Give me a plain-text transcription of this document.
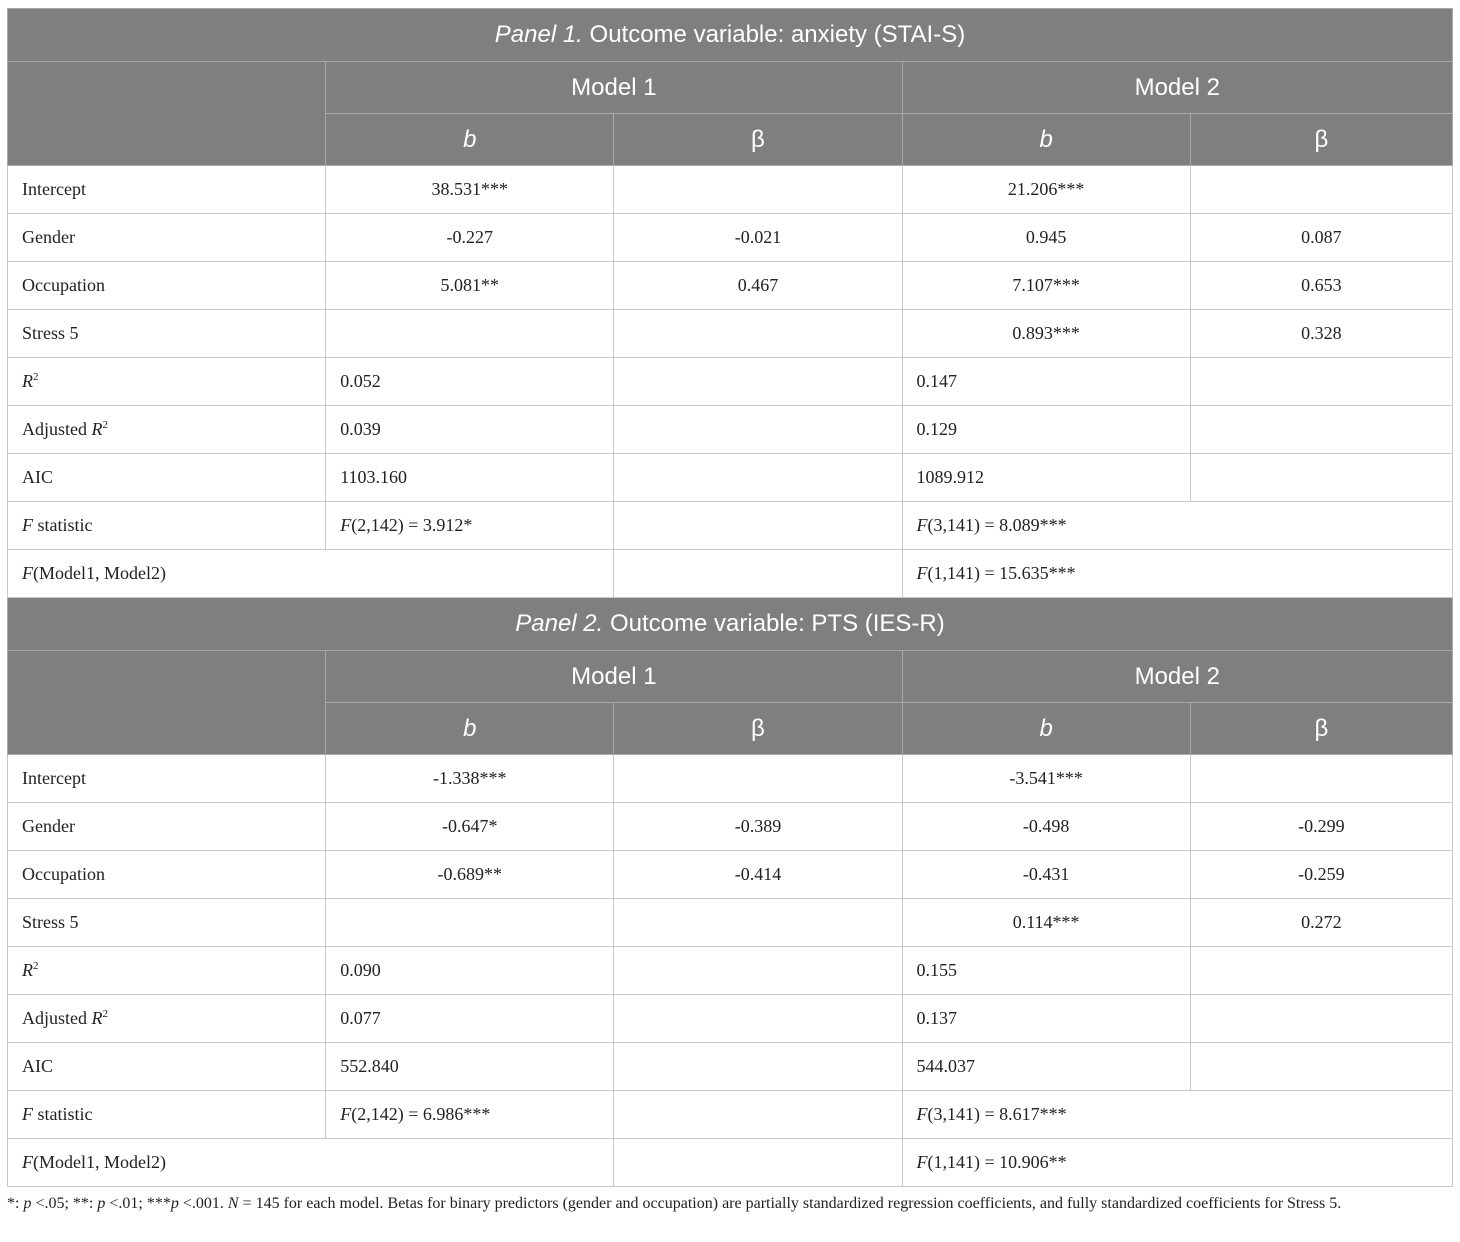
Panel 1. Outcome variable: anxiety (STAI-S)				
	Model 1		Model 2	
	b	β	b	β
Intercept	38.531***		21.206***	
Gender	-0.227	-0.021	0.945	0.087
Occupation	5.081**	0.467	7.107***	0.653
Stress 5			0.893***	0.328
$R^2$	0.052		0.147	
Adjusted $R^2$	0.039		0.129	
AIC	1103.160		1089.912	
F statistic	F(2,142) = 3.912*		F(3,141) = 8.089***	
F(Model1, Model2)			F(1,141) = 15.635***	
Panel 2. Outcome variable: PTS (IES-R)				
	Model 1		Model 2	
	b	β	b	β
Intercept	-1.338***		-3.541***	
Gender	-0.647*	-0.389	-0.498	-0.299
Occupation	-0.689**	-0.414	-0.431	-0.259
Stress 5			0.114***	0.272
$R^2$	0.090		0.155	
Adjusted $R^2$	0.077		0.137	
AIC	552.840		544.037	
F statistic	F(2,142) = 6.986***		F(3,141) = 8.617***	
F(Model1, Model2)			F(1,141) = 10.906**	
*: p <.05; **: p <.01; ***p <.001. N = 145 for each model. Betas for binary predictors (gender and occupation) are partially standardized regression coefficients, and fully standardized coefficients for Stress 5.
